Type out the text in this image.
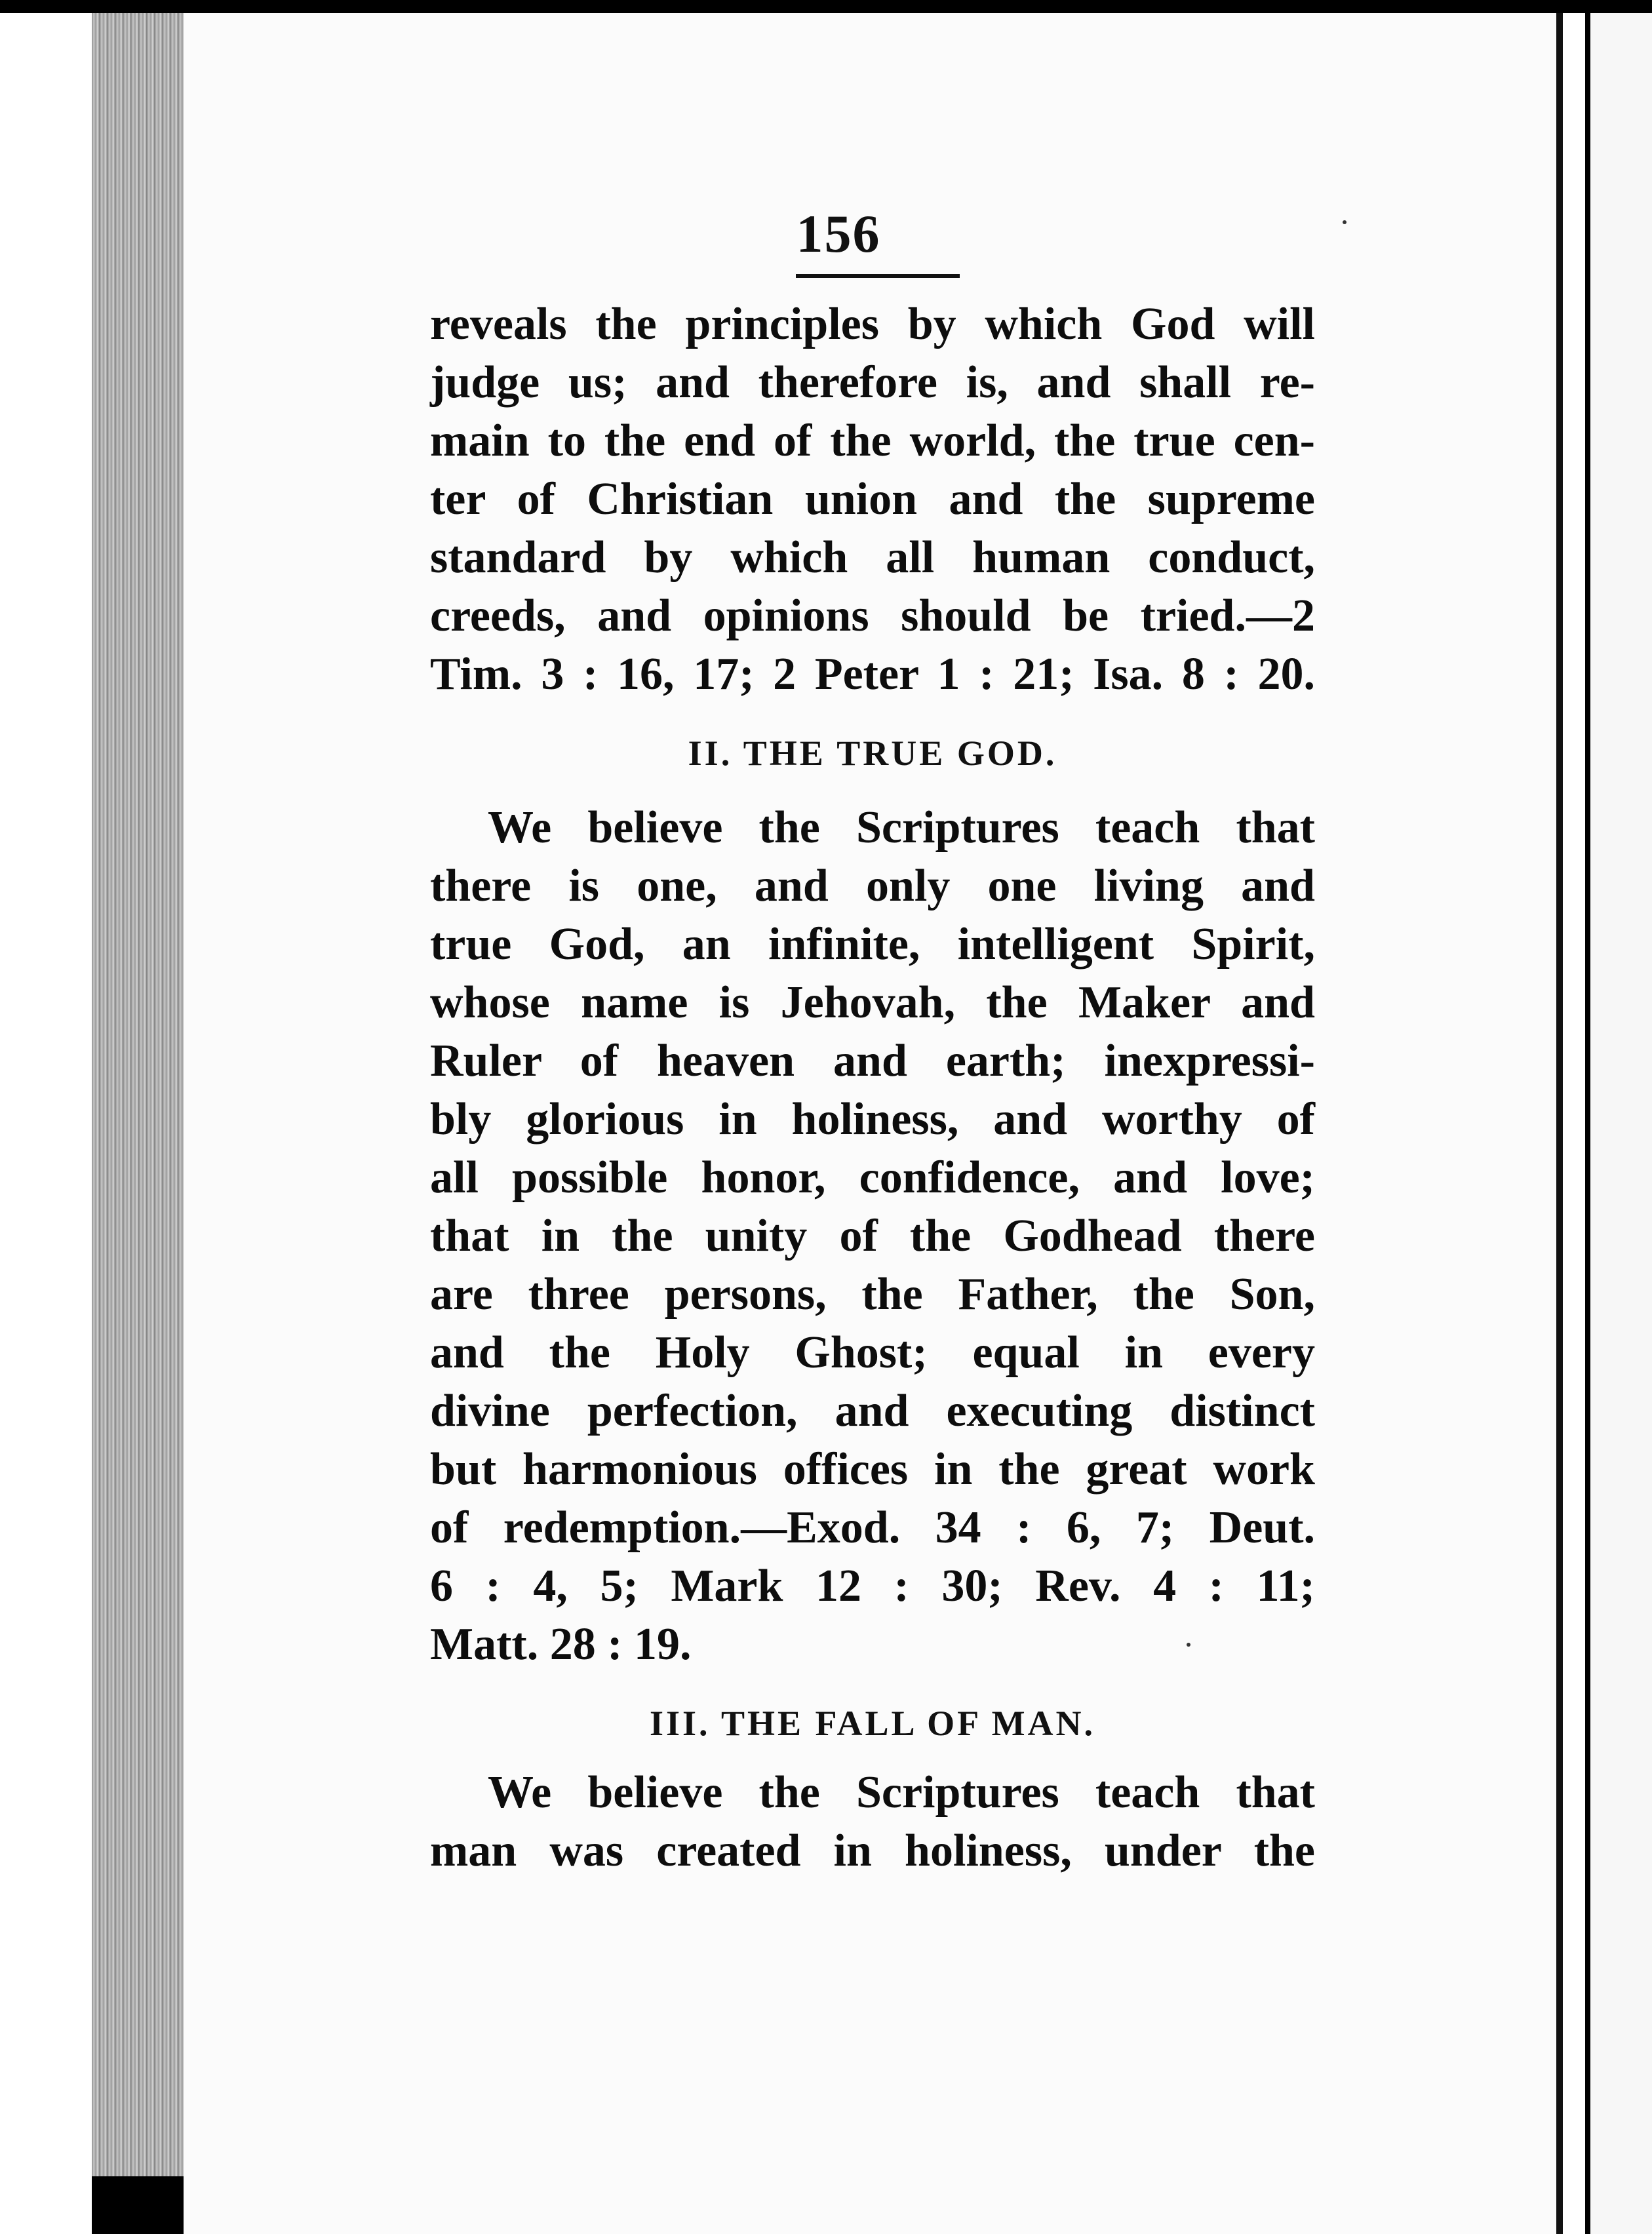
156
reveals the principles by which God will
judge us; and therefore is, and shall re-
main to the end of the world, the true cen-
ter of Christian union and the supreme
standard by which all human conduct,
creeds, and opinions should be tried.—2
Tim. 3 : 16, 17; 2 Peter 1 : 21; Isa. 8 : 20.
II. THE TRUE GOD.
We believe the Scriptures teach that
there is one, and only one living and
true God, an infinite, intelligent Spirit,
whose name is Jehovah, the Maker and
Ruler of heaven and earth; inexpressi-
bly glorious in holiness, and worthy of
all possible honor, confidence, and love;
that in the unity of the Godhead there
are three persons, the Father, the Son,
and the Holy Ghost; equal in every
divine perfection, and executing distinct
but harmonious offices in the great work
of redemption.—Exod. 34 : 6, 7; Deut.
6 : 4, 5; Mark 12 : 30; Rev. 4 : 11;
Matt. 28 : 19.
III. THE FALL OF MAN.
We believe the Scriptures teach that
man was created in holiness, under the
